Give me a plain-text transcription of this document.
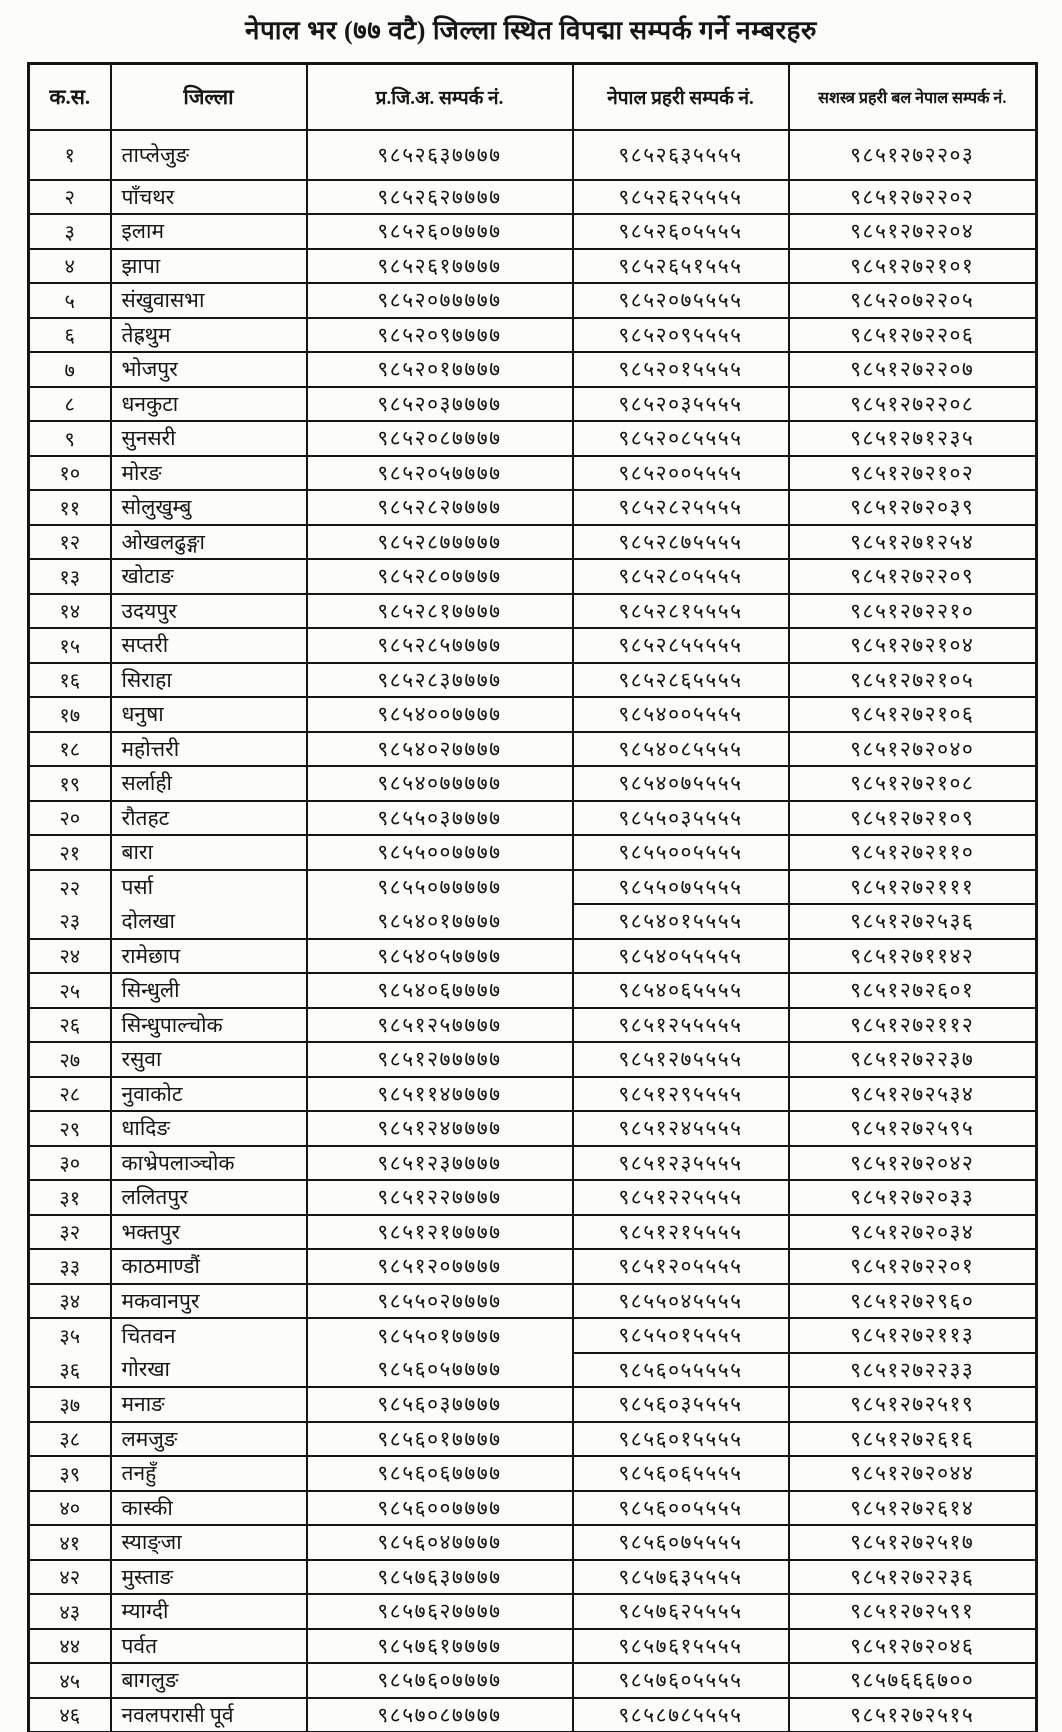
नेपाल भर (७७ वटै) जिल्ला स्थित विपद्मा सम्पर्क गर्ने नम्बरहरु
क.स.	जिल्ला	प्र.जि.अ. सम्पर्क नं.	नेपाल प्रहरी सम्पर्क नं.	सशस्त्र प्रहरी बल नेपाल सम्पर्क नं.
१	ताप्लेजुङ	९८५२६३७७७७	९८५२६३५५५५	९८५१२७२२०३
२	पाँचथर	९८५२६२७७७७	९८५२६२५५५५	९८५१२७२२०२
३	इलाम	९८५२६०७७७७	९८५२६०५५५५	९८५१२७२२०४
४	झापा	९८५२६१७७७७	९८५२६५१५५५	९८५१२७२१०१
५	संखुवासभा	९८५२०७७७७७	९८५२०७५५५५	९८५२०७२२०५
६	तेह्रथुम	९८५२०९७७७७	९८५२०९५५५५	९८५१२७२२०६
७	भोजपुर	९८५२०१७७७७	९८५२०१५५५५	९८५१२७२२०७
८	धनकुटा	९८५२०३७७७७	९८५२०३५५५५	९८५१२७२२०८
९	सुनसरी	९८५२०८७७७७	९८५२०८५५५५	९८५१२७१२३५
१०	मोरङ	९८५२०५७७७७	९८५२००५५५५	९८५१२७२१०२
११	सोलुखुम्बु	९८५२८२७७७७	९८५२८२५५५५	९८५१२७२०३९
१२	ओखलढुङ्गा	९८५२८७७७७७	९८५२८७५५५५	९८५१२७१२५४
१३	खोटाङ	९८५२८०७७७७	९८५२८०५५५५	९८५१२७२२०९
१४	उदयपुर	९८५२८१७७७७	९८५२८१५५५५	९८५१२७२२१०
१५	सप्तरी	९८५२८५७७७७	९८५२८५५५५५	९८५१२७२१०४
१६	सिराहा	९८५२८३७७७७	९८५२८६५५५५	९८५१२७२१०५
१७	धनुषा	९८५४००७७७७	९८५४००५५५५	९८५१२७२१०६
१८	महोत्तरी	९८५४०२७७७७	९८५४०८५५५५	९८५१२७२०४०
१९	सर्लाही	९८५४०७७७७७	९८५४०७५५५५	९८५१२७२१०८
२०	रौतहट	९८५५०३७७७७	९८५५०३५५५५	९८५१२७२१०९
२१	बारा	९८५५००७७७७	९८५५००५५५५	९८५१२७२११०
२२	पर्सा	९८५५०७७७७७	९८५५०७५५५५	९८५१२७२१११
२३	दोलखा	९८५४०१७७७७	९८५४०१५५५५	९८५१२७२५३६
२४	रामेछाप	९८५४०५७७७७	९८५४०५५५५५	९८५१२७११४२
२५	सिन्धुली	९८५४०६७७७७	९८५४०६५५५५	९८५१२७२६०१
२६	सिन्धुपाल्चोक	९८५१२५७७७७	९८५१२५५५५५	९८५१२७२११२
२७	रसुवा	९८५१२७७७७७	९८५१२७५५५५	९८५१२७२२३७
२८	नुवाकोट	९८५११४७७७७	९८५१२९५५५५	९८५१२७२५३४
२९	धादिङ	९८५१२४७७७७	९८५१२४५५५५	९८५१२७२५९५
३०	काभ्रेपलाञ्चोक	९८५१२३७७७७	९८५१२३५५५५	९८५१२७२०४२
३१	ललितपुर	९८५१२२७७७७	९८५१२२५५५५	९८५१२७२०३३
३२	भक्तपुर	९८५१२१७७७७	९८५१२१५५५५	९८५१२७२०३४
३३	काठमाण्डौं	९८५१२०७७७७	९८५१२०५५५५	९८५१२७२२०१
३४	मकवानपुर	९८५५०२७७७७	९८५५०४५५५५	९८५१२७२९६०
३५	चितवन	९८५५०१७७७७	९८५५०१५५५५	९८५१२७२११३
३६	गोरखा	९८५६०५७७७७	९८५६०५५५५५	९८५१२७२२३३
३७	मनाङ	९८५६०३७७७७	९८५६०३५५५५	९८५१२७२५१९
३८	लमजुङ	९८५६०१७७७७	९८५६०१५५५५	९८५१२७२६१६
३९	तनहुँ	९८५६०६७७७७	९८५६०६५५५५	९८५१२७२०४४
४०	कास्की	९८५६००७७७७	९८५६००५५५५	९८५१२७२६१४
४१	स्याङ्जा	९८५६०४७७७७	९८५६०७५५५५	९८५१२७२५१७
४२	मुस्ताङ	९८५७६३७७७७	९८५७६३५५५५	९८५१२७२२३६
४३	म्याग्दी	९८५७६२७७७७	९८५७६२५५५५	९८५१२७२५९१
४४	पर्वत	९८५७६१७७७७	९८५७६१५५५५	९८५१२७२०४६
४५	बागलुङ	९८५७६०७७७७	९८५७६०५५५५	९८५७६६६७००
४६	नवलपरासी पूर्व	९८५७०८७७७७	९८५८७८५५५५	९८५१२७२५१५
